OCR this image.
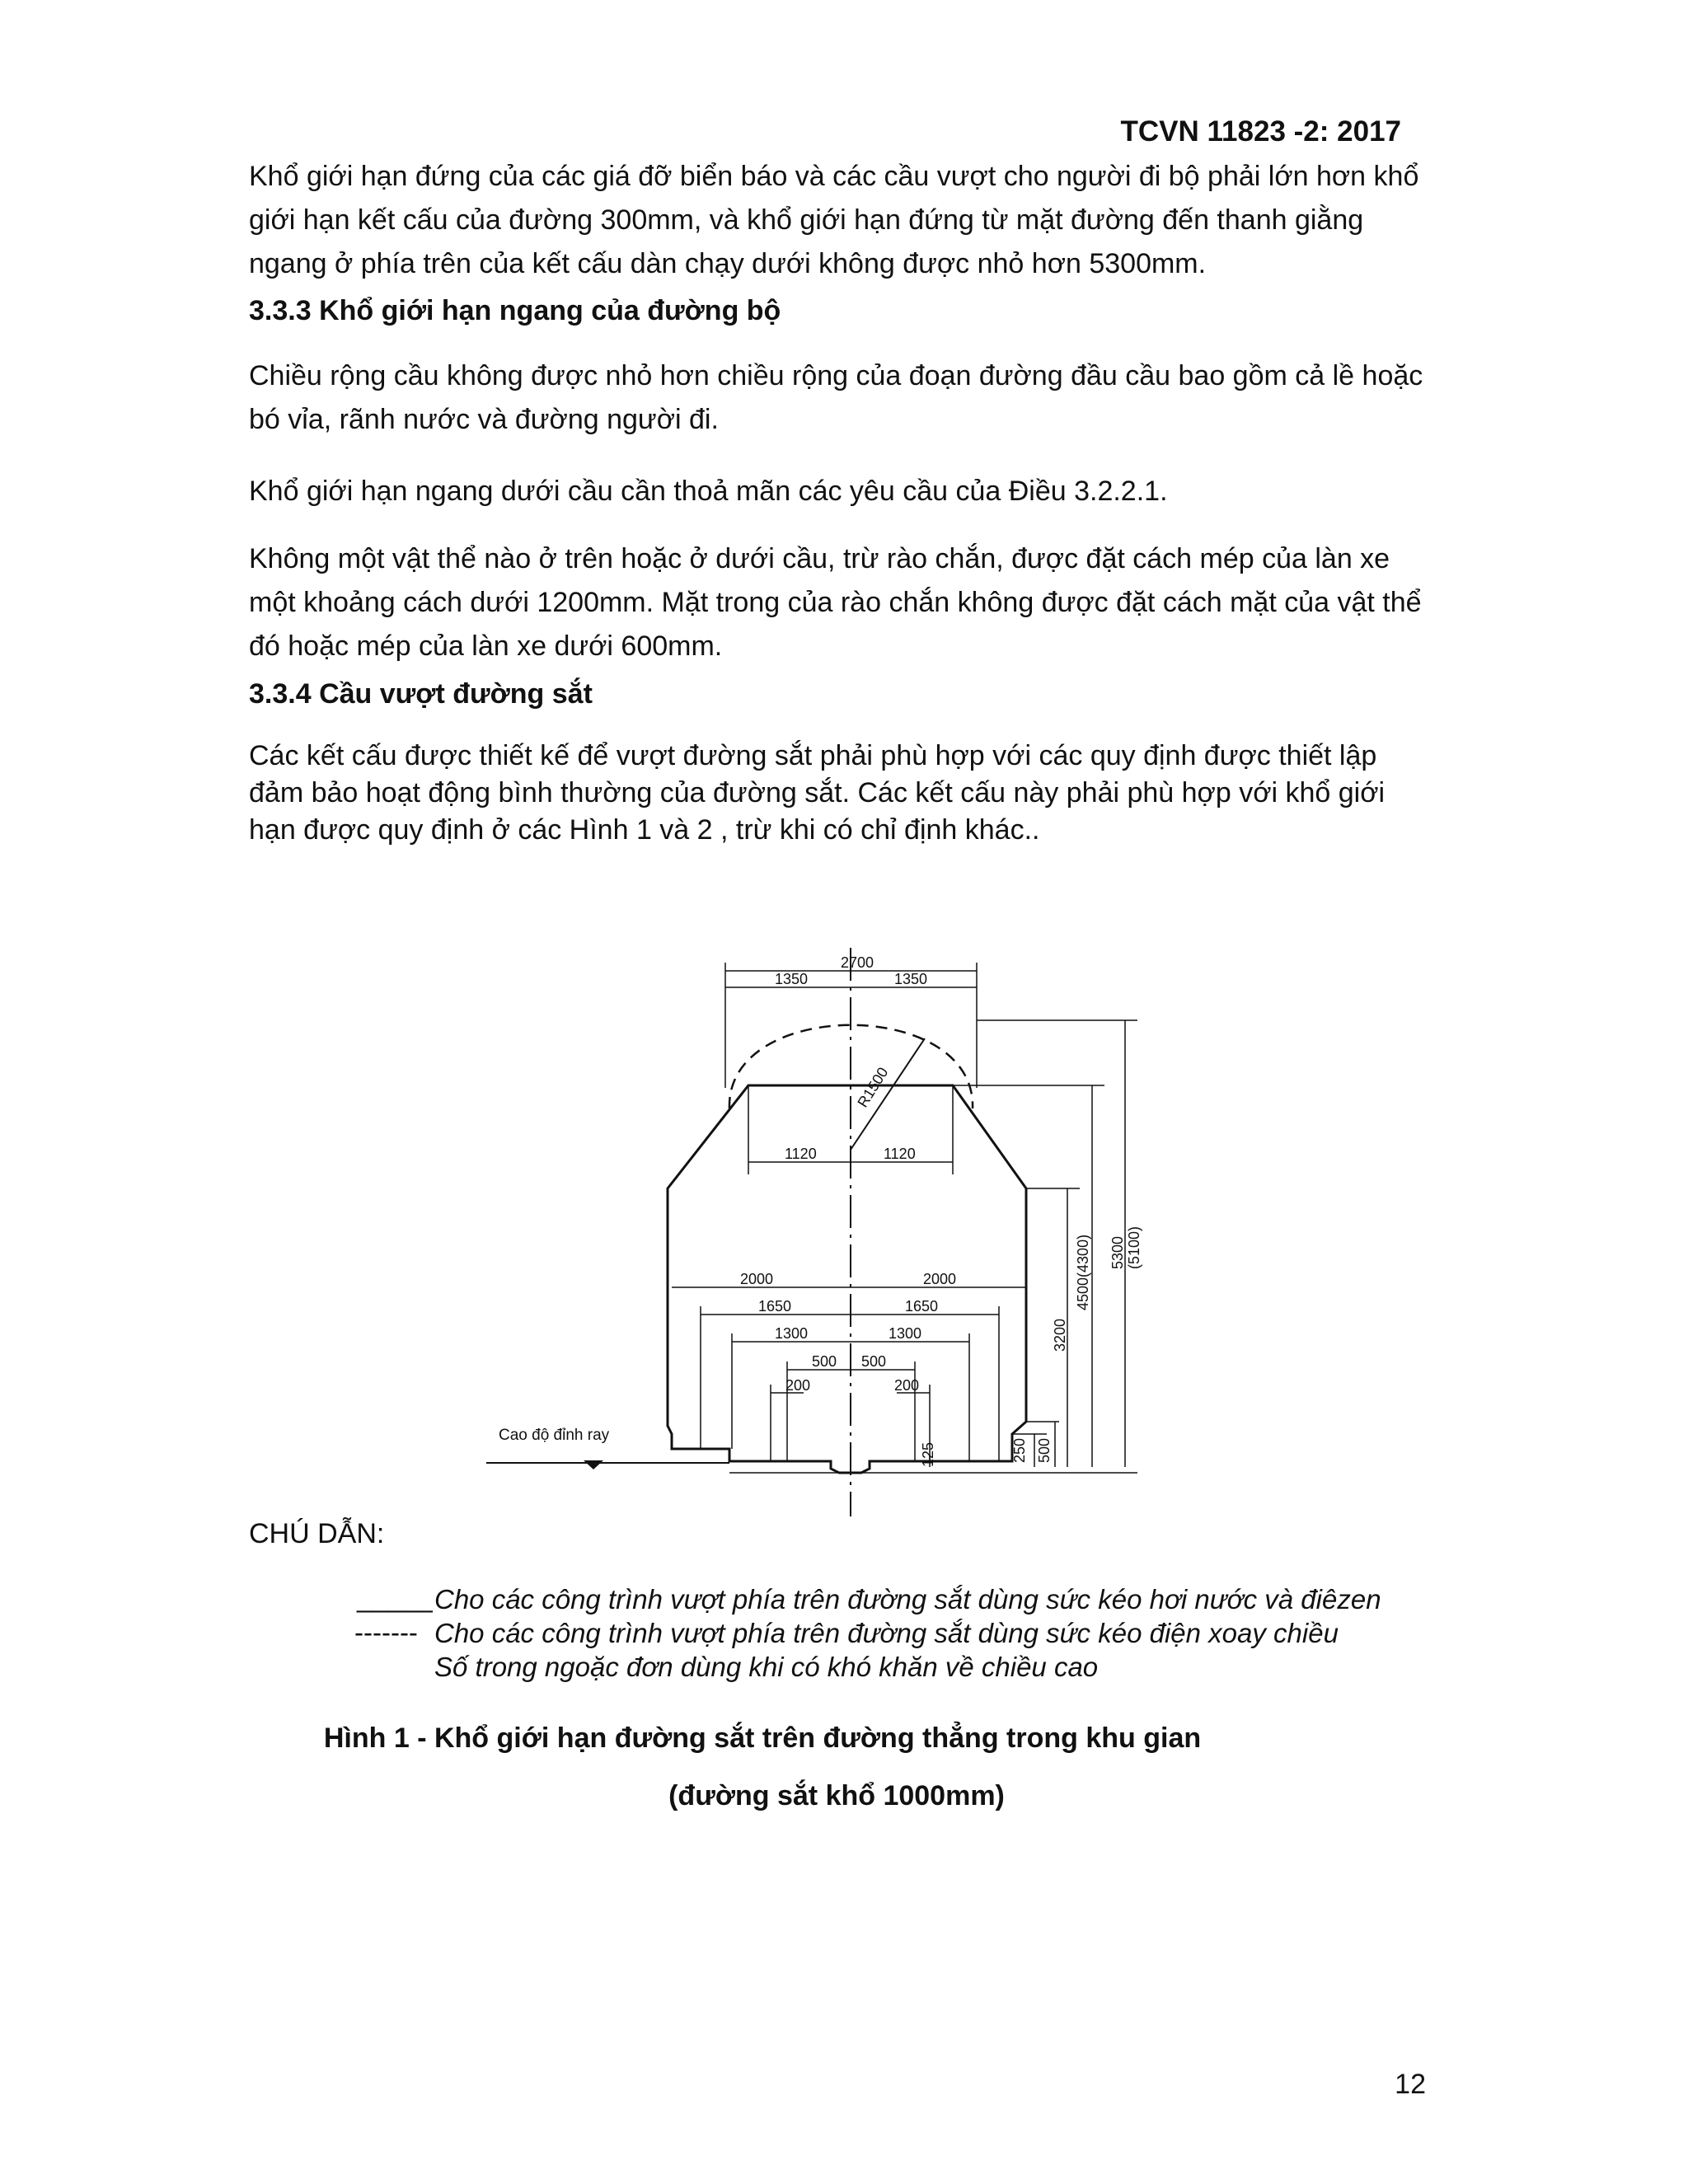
TCVN 11823 -2: 2017
Khổ giới hạn đứng của các giá đỡ biển báo và các cầu vượt cho người đi bộ phải lớn hơn khổ giới hạn kết cấu của đường 300mm, và khổ giới hạn đứng từ mặt đường đến thanh giằng ngang ở phía trên của kết cấu dàn chạy dưới không được nhỏ hơn 5300mm.
3.3.3 Khổ giới hạn ngang của đường bộ
Chiều rộng cầu không được nhỏ hơn chiều rộng của đoạn đường đầu cầu bao gồm cả lề hoặc bó vỉa, rãnh nước và đường người đi.
Khổ giới hạn ngang dưới cầu cần thoả mãn các yêu cầu của Điều 3.2.2.1.
Không một vật thể nào ở trên hoặc ở dưới cầu, trừ rào chắn, được đặt cách mép của làn xe một khoảng cách dưới 1200mm. Mặt trong của rào chắn không được đặt cách mặt của vật thể đó hoặc mép của làn xe dưới 600mm.
3.3.4 Cầu vượt đường sắt
Các kết cấu được thiết kế để vượt đường sắt phải phù hợp với các quy định được thiết lập đảm bảo hoạt động bình thường của đường sắt. Các kết cấu này phải phù hợp với khổ giới hạn được quy định ở các Hình 1 và 2 , trừ khi có chỉ định khác..
2700
1350	1350
R1500
1120	1120
2000	2000
1650	1650
1300	1300
500 500
200	200
3200
4500(4300) 5300 (5100)
250 500
125
Cao độ đỉnh ray
CHÚ DẪN:
_____ Cho các công trình vượt phía trên đường sắt dùng sức kéo hơi nước và điêzen
------- Cho các công trình vượt phía trên đường sắt dùng sức kéo điện xoay chiều
Số trong ngoặc đơn dùng khi có khó khăn về chiều cao
Hình 1 - Khổ giới hạn đường sắt trên đường thẳng trong khu gian
(đường sắt khổ 1000mm)
12
